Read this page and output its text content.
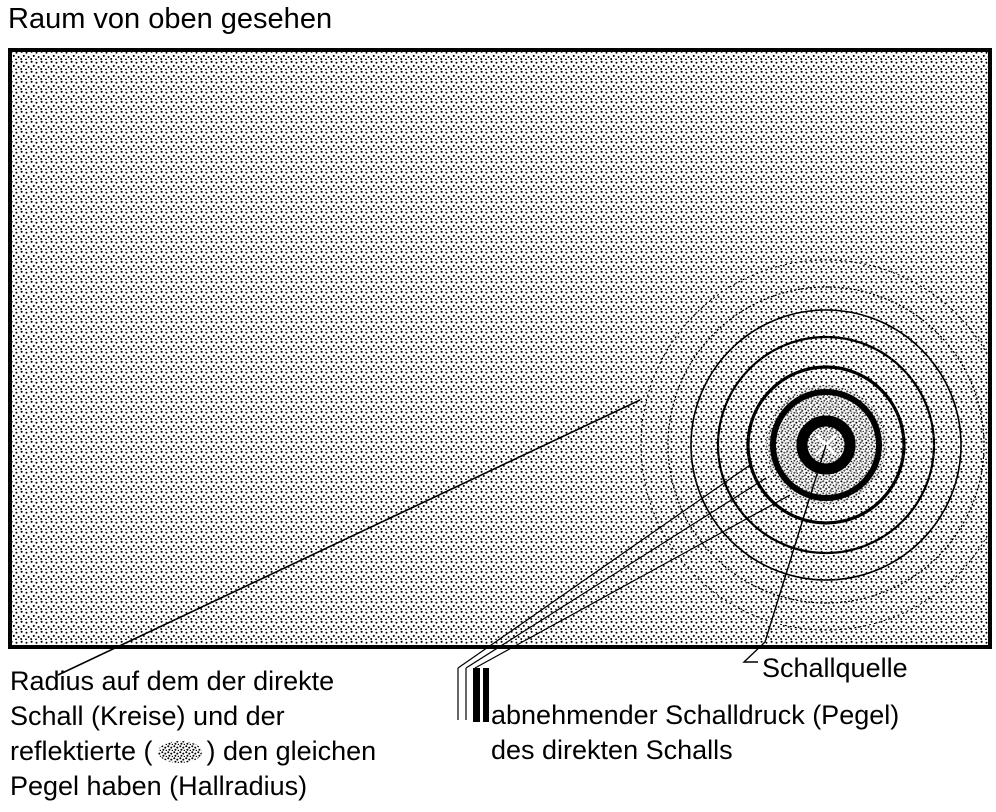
Raum von oben gesehen
Radius auf dem der direkte
Schall (Kreise) und der
reflektierte ( ) den gleichen
Pegel haben (Hallradius)
Schallquelle
abnehmender Schalldruck (Pegel)
des direkten Schalls
